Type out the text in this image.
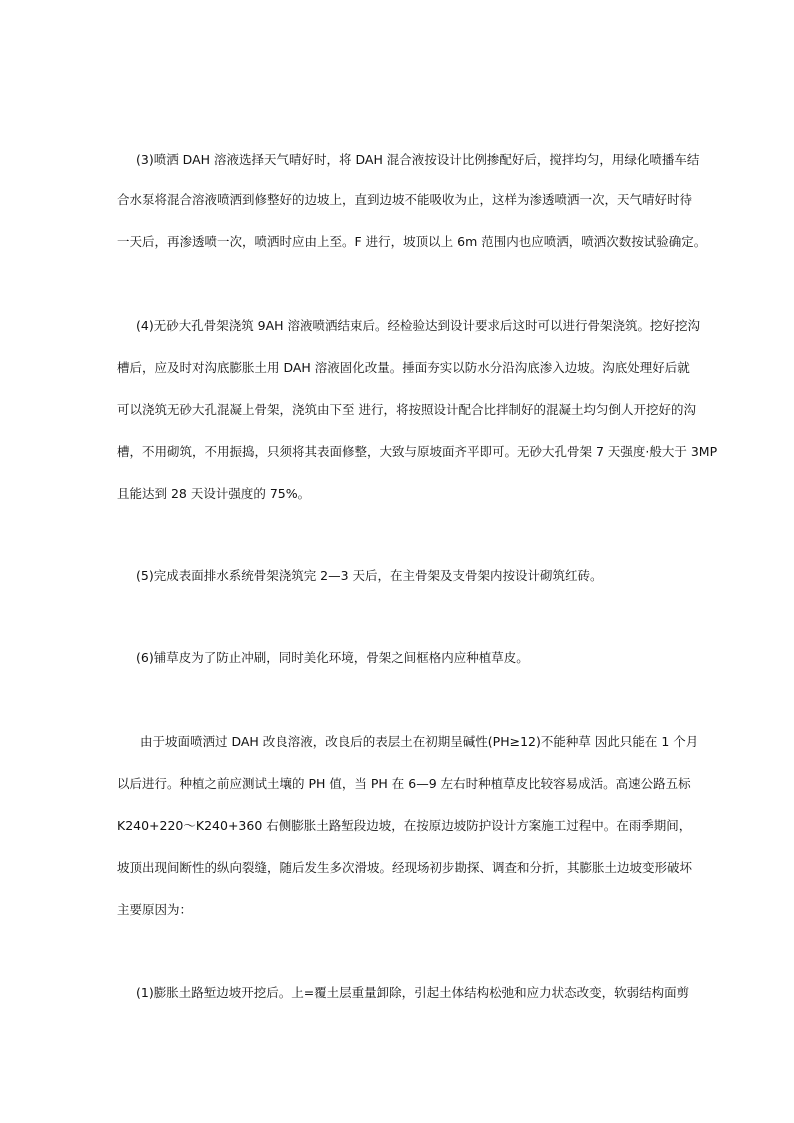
(3)喷洒 DAH 溶液选择天气晴好时，将 DAH 混合液按设计比例掺配好后，搅拌均匀，用绿化喷播车结
合水泵将混合溶液喷洒到修整好的边坡上，直到边坡不能吸收为止，这样为渗透喷洒一次，天气晴好时待
一天后，再渗透喷一次，喷洒时应由上至。F 进行，坡顶以上 6m 范围内也应喷洒，喷洒次数按试验确定。
(4)无砂大孔骨架浇筑 9AH 溶液喷洒结束后。经检验达到设计要求后这时可以进行骨架浇筑。挖好挖沟
槽后，应及时对沟底膨胀土用 DAH 溶液固化改量。捶面夯实以防水分沿沟底渗入边坡。沟底处理好后就
可以浇筑无砂大孔混凝上骨架，浇筑由下至 进行，将按照设计配合比拌制好的混凝土均匀倒人开挖好的沟
槽，不用砌筑，不用振捣，只须将其表面修整，大致与原坡面齐平即可。无砂大孔骨架 7 天强度·般大于 3MP
且能达到 28 天设计强度的 75%。
(5)完成表面排水系统骨架浇筑完 2—3 天后，在主骨架及支骨架内按设计砌筑红砖。
(6)铺草皮为了防止冲刷，同时美化环境，骨架之间框格内应种植草皮。
由于坡面喷洒过 DAH 改良溶液，改良后的表层土在初期呈碱性(PH≥12)不能种草 因此只能在 1 个月
以后进行。种植之前应测试土壤的 PH 值，当 PH 在 6—9 左右时种植草皮比较容易成活。高速公路五标
K240+220～K240+360 右侧膨胀土路堑段边坡，在按原边坡防护设计方案施工过程中。在雨季期间，
坡顶出现间断性的纵向裂缝，随后发生多次滑坡。经现场初步勘探、调查和分折，其膨胀土边坡变形破坏
主要原因为：
(1)膨胀土路堑边坡开挖后。上=覆土层重量卸除，引起土体结构松弛和应力状态改变，软弱结构面剪
